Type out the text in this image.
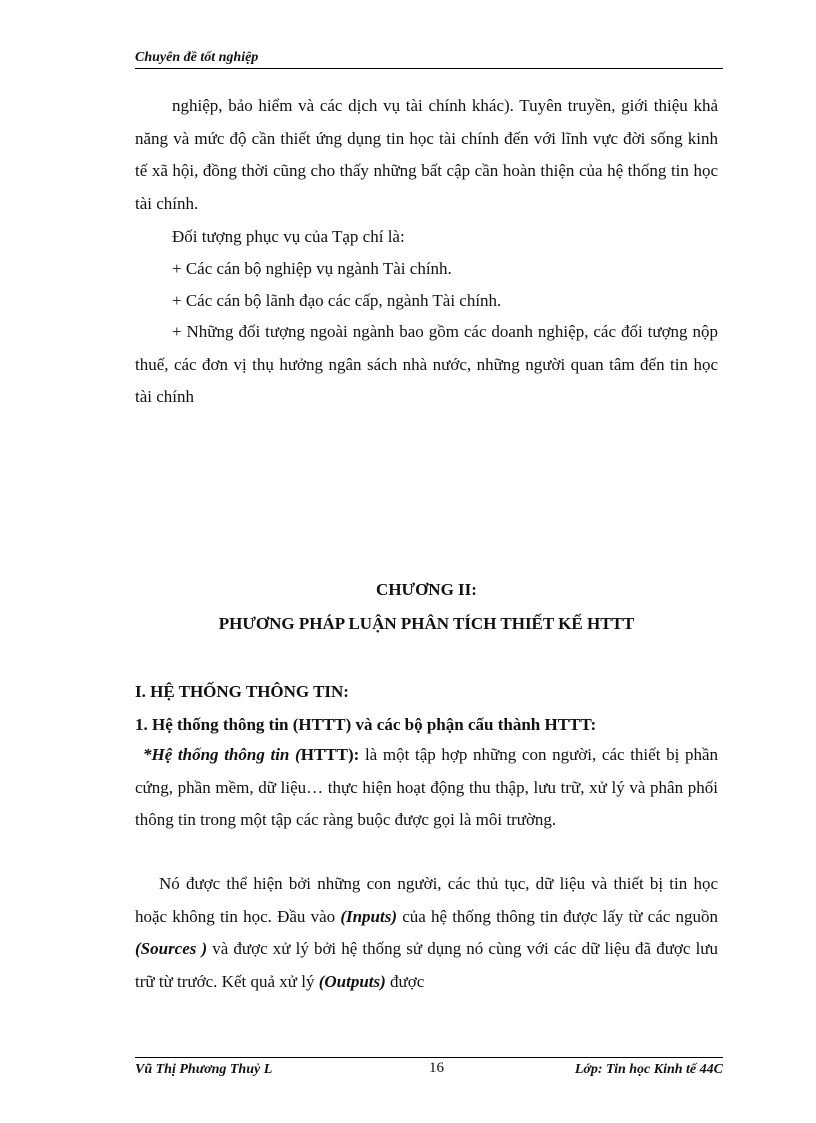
Chuyên đề tốt nghiệp
nghiệp, bảo hiểm và các dịch vụ tài chính khác). Tuyên truyền, giới thiệu khả năng và mức độ cần thiết ứng dụng tin học tài chính đến với lĩnh vực đời sống kinh tế xã hội, đồng thời cũng cho thấy những bất cập cần hoàn thiện của hệ thống tin học tài chính.
Đối tượng phục vụ của Tạp chí là:
+ Các cán bộ nghiệp vụ ngành Tài chính.
+ Các cán bộ lãnh đạo các cấp, ngành Tài chính.
+ Những đối tượng ngoài ngành bao gồm các doanh nghiệp, các đối tượng nộp thuế, các đơn vị thụ hưởng ngân sách nhà nước, những người quan tâm đến tin học tài chính
CHƯƠNG II:
PHƯƠNG PHÁP LUẬN PHÂN TÍCH THIẾT KẾ HTTT
I. HỆ THỐNG THÔNG TIN:
1. Hệ thống thông tin (HTTT) và các bộ phận cấu thành HTTT:
*Hệ thống thông tin (HTTT): là một tập hợp những con người, các thiết bị phần cứng, phần mềm, dữ liệu… thực hiện hoạt động thu thập, lưu trữ, xử lý và phân phối thông tin trong một tập các ràng buộc được gọi là môi trường.
Nó được thể hiện bởi những con người, các thủ tục, dữ liệu và thiết bị tin học hoặc không tin học. Đầu vào (Inputs) của hệ thống thông tin được lấy từ các nguồn (Sources ) và được xử lý bởi hệ thống sử dụng nó cùng với các dữ liệu đã được lưu trữ từ trước. Kết quả xử lý (Outputs) được
Vũ Thị Phương Thuỷ L	16	Lớp: Tin học Kinh tế 44C
